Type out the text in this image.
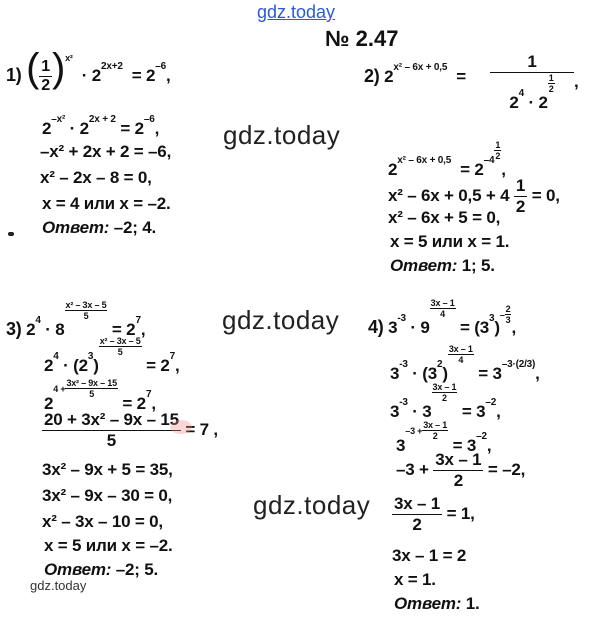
gdz.today
gdz.today
gdz.today
gdz.today
gdz.today
№ 2.47
1) ( $\frac{1}{2} )^{x^2} \cdot 2^{2x+2} = 2^{-6}$,
$2^{-x^2} \cdot 2^{2x + 2} = 2^{-6}$,
–x² + 2x + 2 = –6,
x² – 2x – 8 = 0,
x = 4 или x = –2.
Ответ: –2; 4.
2) $2^{x^2 - 6x + 0,5} = 1$
$2^4 \cdot 2$
$\frac{1}{2}$ ,
$2^{x^2 - 6x + 0,5} = 2^{-4} \frac{1}{2}$
,
$x^2 - 6x + 0,5 + 4 \frac{1}{2} = 0$,
x² – 6x + 5 = 0,
x = 5 или x = 1.
Ответ: 1; 5.
3) $2^4 \cdot 8$
$\frac{\text{x² – 3x – 5}}{5}$
= $2^7$,
$2^4 \cdot (2^3)$
$\frac{\text{x² – 3x – 5}}{5}$
= $2^7$,
$24 + \frac{\text{3x² – 9x – 15}}{5}$
= $2^7$,
$\frac{\text{20 + 3x² – 9x – 15}}{5} = 7$ ,
3x² – 9x + 5 = 35,
3x² – 9x – 30 = 0,
x² – 3x – 10 = 0,
x = 5 или x = –2.
Ответ: –2; 5.
4) $3^{-3} \cdot 9$
$\frac{3x - 1}{4}$
= $(3^3)- \frac{2}{3}$
,
$3^{-3} \cdot (3^2)$
$\frac{3x - 1}{4}$
= $3^{-3\cdot(2/3)}$,
$3^{-3} \cdot 3$
$\frac{3x - 1}{2}$
= $3^{-2}$,
$3-3 + \frac{3x - 1}{2}$
= $3^{-2}$,
$-3 + \frac{3x - 1}{2} = -2$,
$\frac{3x - 1}{2} = 1$,
3x – 1 = 2
x = 1.
Ответ: 1.
